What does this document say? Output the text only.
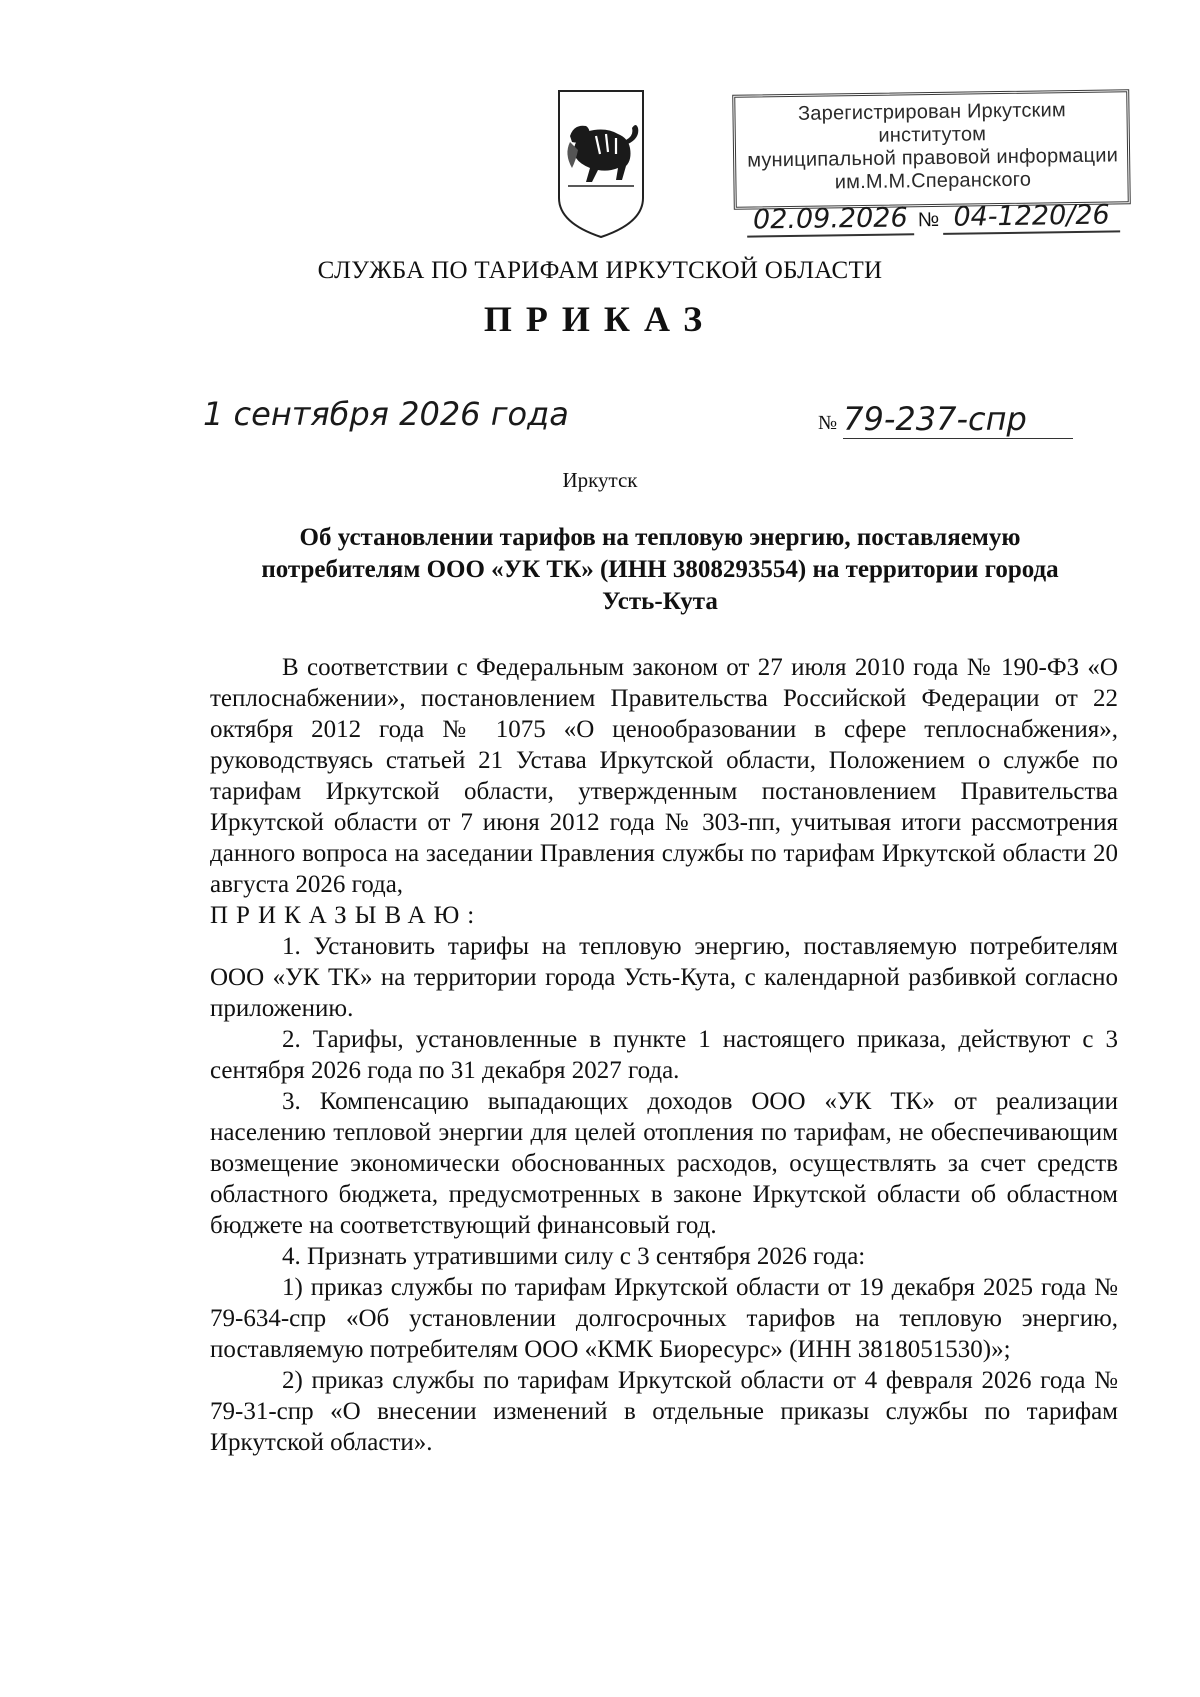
Зарегистрирован Иркутским институтом
муниципальной правовой информации
им.М.М.Сперанского
02.09.2026 № 04-1220/26
СЛУЖБА ПО ТАРИФАМ ИРКУТСКОЙ ОБЛАСТИ
ПРИКАЗ
1 сентября 2026 года	№ 79-237-спр
Иркутск
Об установлении тарифов на тепловую энергию, поставляемую потребителям ООО «УК ТК» (ИНН 3808293554) на территории города Усть-Кута

В соответствии с Федеральным законом от 27 июля 2010 года № 190-ФЗ «О теплоснабжении», постановлением Правительства Российской Федерации от 22 октября 2012 года № 1075 «О ценообразовании в сфере теплоснабжения», руководствуясь статьей 21 Устава Иркутской области, Положением о службе по тарифам Иркутской области, утвержденным постановлением Правительства Иркутской области от 7 июня 2012 года № 303-пп, учитывая итоги рассмотрения данного вопроса на заседании Правления службы по тарифам Иркутской области 20 августа 2026 года,

ПРИКАЗЫВАЮ:

1. Установить тарифы на тепловую энергию, поставляемую потребителям ООО «УК ТК» на территории города Усть-Кута, с календарной разбивкой согласно приложению.

2. Тарифы, установленные в пункте 1 настоящего приказа, действуют с 3 сентября 2026 года по 31 декабря 2027 года.

3. Компенсацию выпадающих доходов ООО «УК ТК» от реализации населению тепловой энергии для целей отопления по тарифам, не обеспечивающим возмещение экономически обоснованных расходов, осуществлять за счет средств областного бюджета, предусмотренных в законе Иркутской области об областном бюджете на соответствующий финансовый год.

4. Признать утратившими силу с 3 сентября 2026 года:

1) приказ службы по тарифам Иркутской области от 19 декабря 2025 года № 79-634-спр «Об установлении долгосрочных тарифов на тепловую энергию, поставляемую потребителям ООО «КМК Биоресурс» (ИНН 3818051530)»;

2) приказ службы по тарифам Иркутской области от 4 февраля 2026 года № 79-31-спр «О внесении изменений в отдельные приказы службы по тарифам Иркутской области».
